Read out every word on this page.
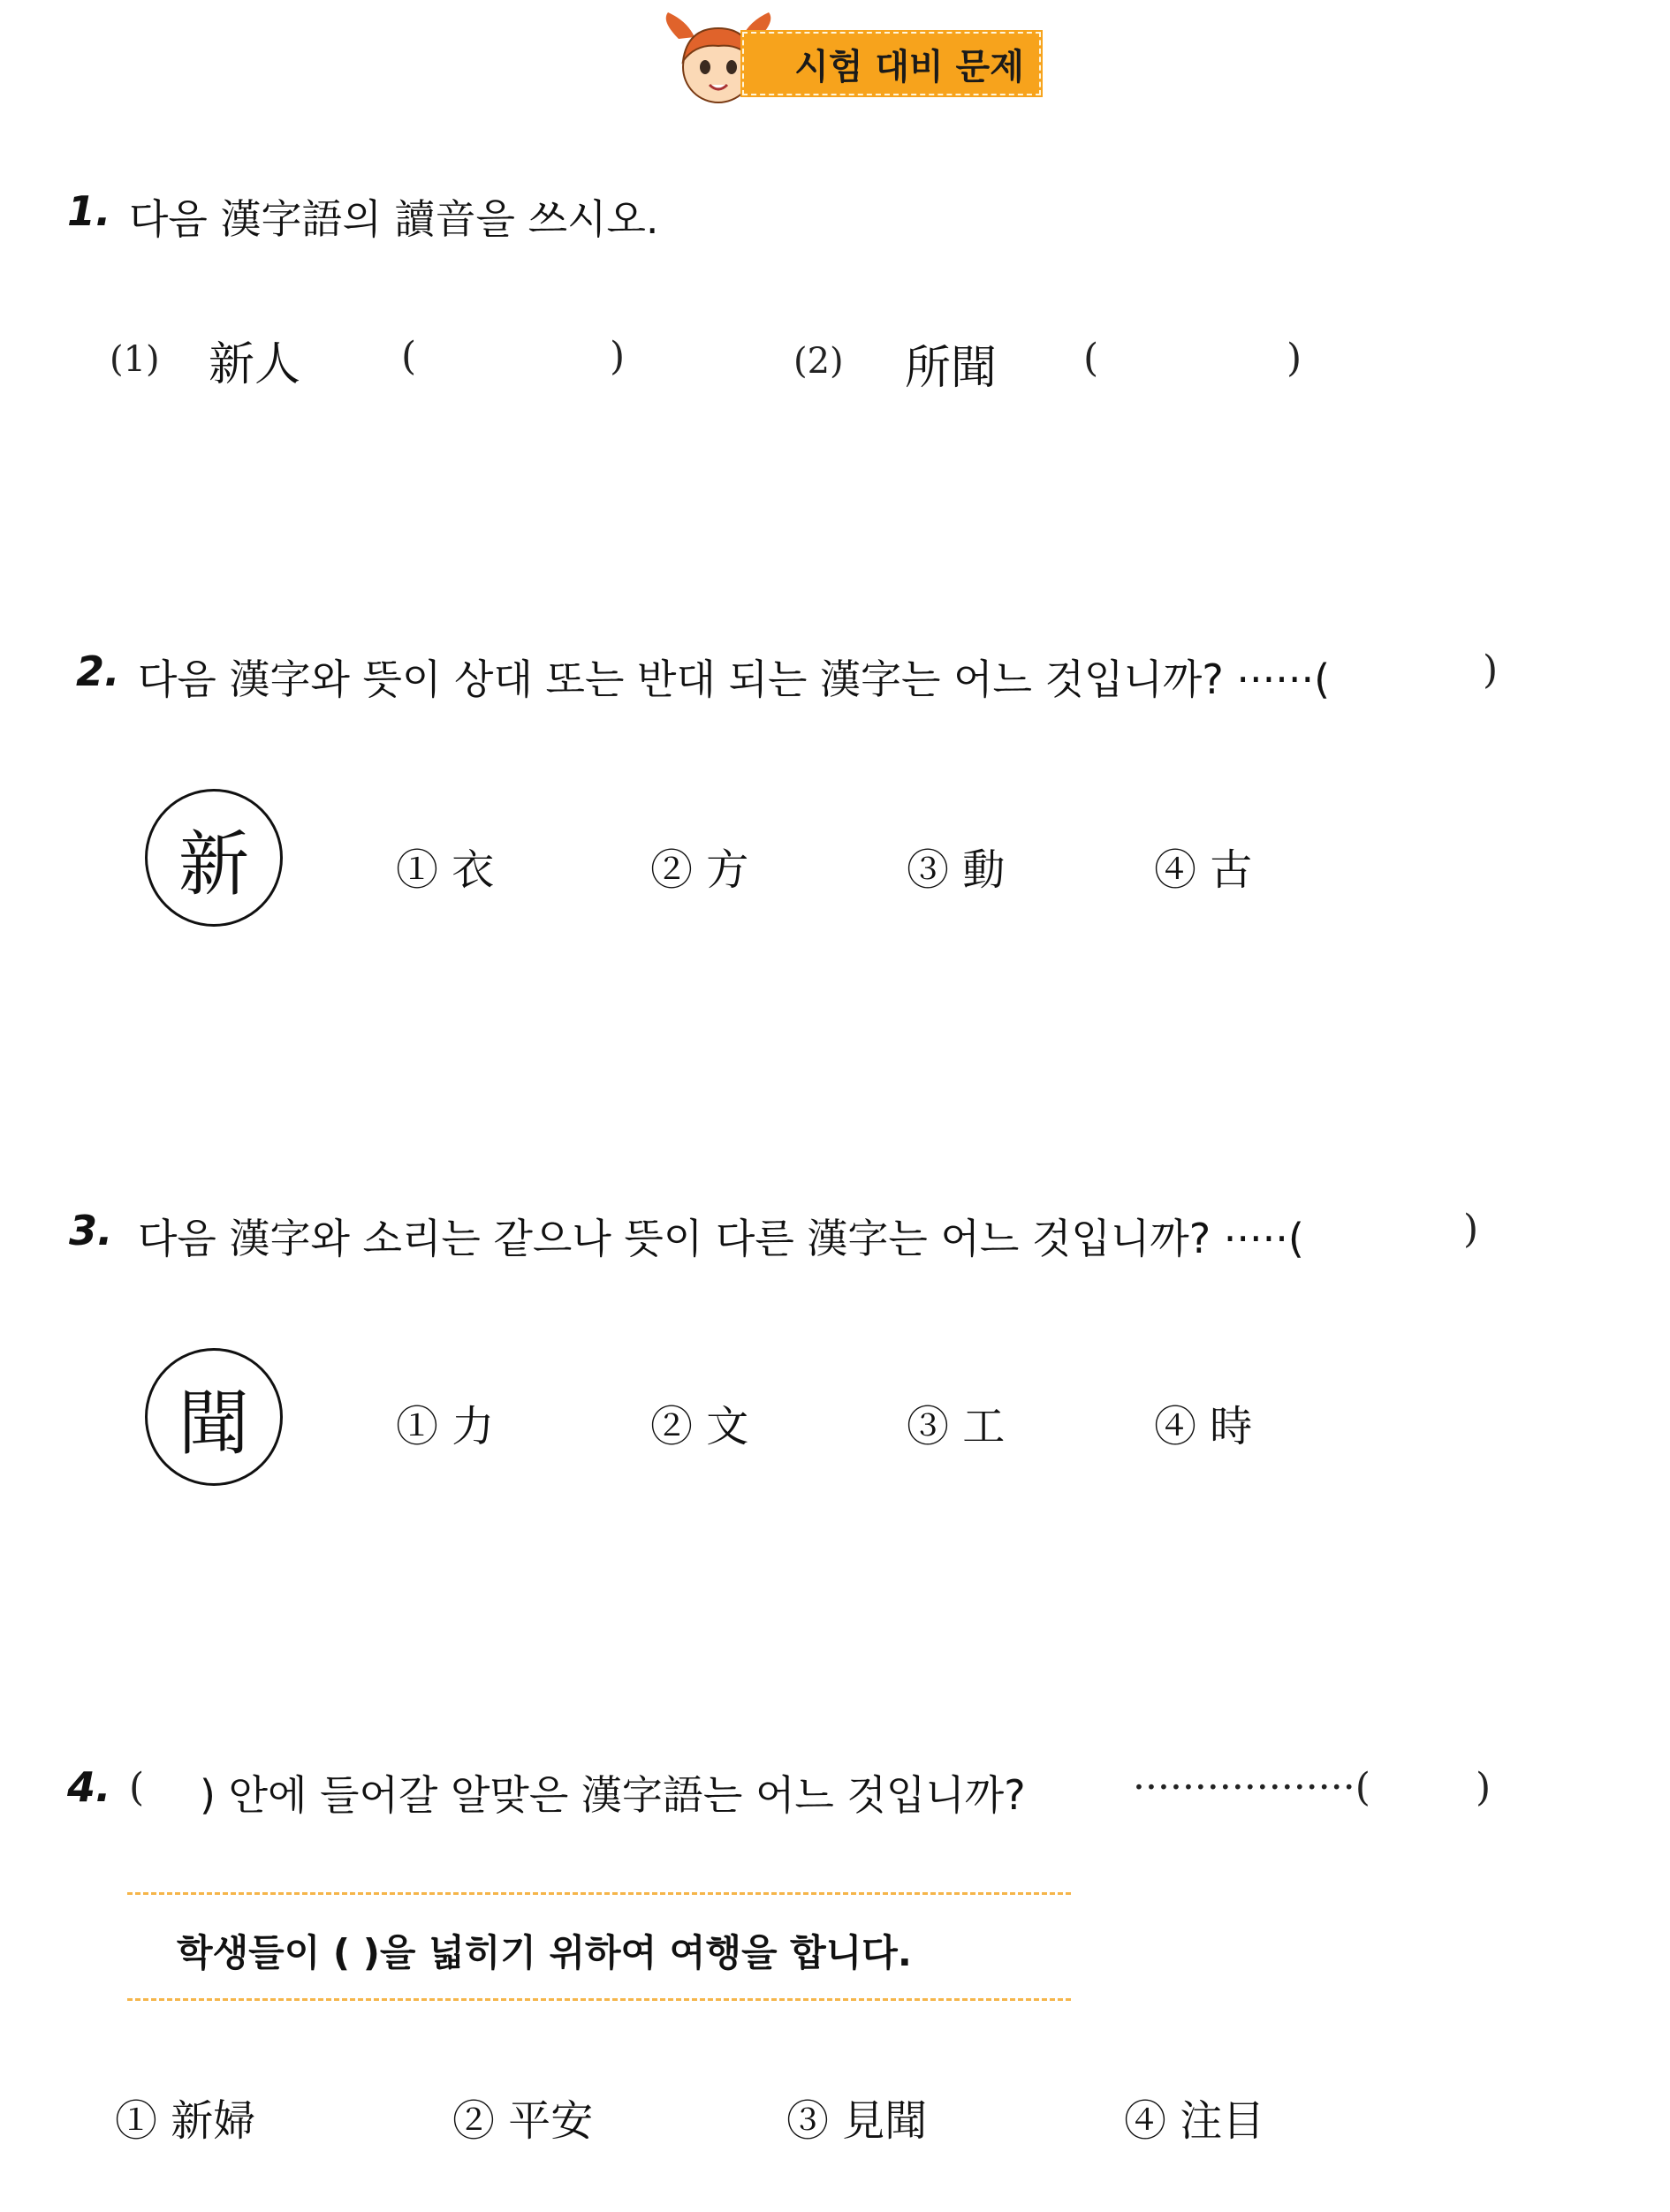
시험 대비 문제
1. 다음 漢字語의 讀音을 쓰시오.
(1) 新人	(	)	(2) 所聞 (	)
2. 다음 漢字와 뜻이 상대 또는 반대 되는 漢字는 어느 것입니까? ······(	)
新	① 衣	② 方	③ 動	④ 古
3. 다음 漢字와 소리는 같으나 뜻이 다른 漢字는 어느 것입니까? ·····(	)
聞	① 力	② 文	③ 工	④ 時
4. ( ) 안에 들어갈 알맞은 漢字語는 어느 것입니까?	··················(	)
학생들이 ( )을 넓히기 위하여 여행을 합니다.
① 新婦	② 平安	③ 見聞	④ 注目
